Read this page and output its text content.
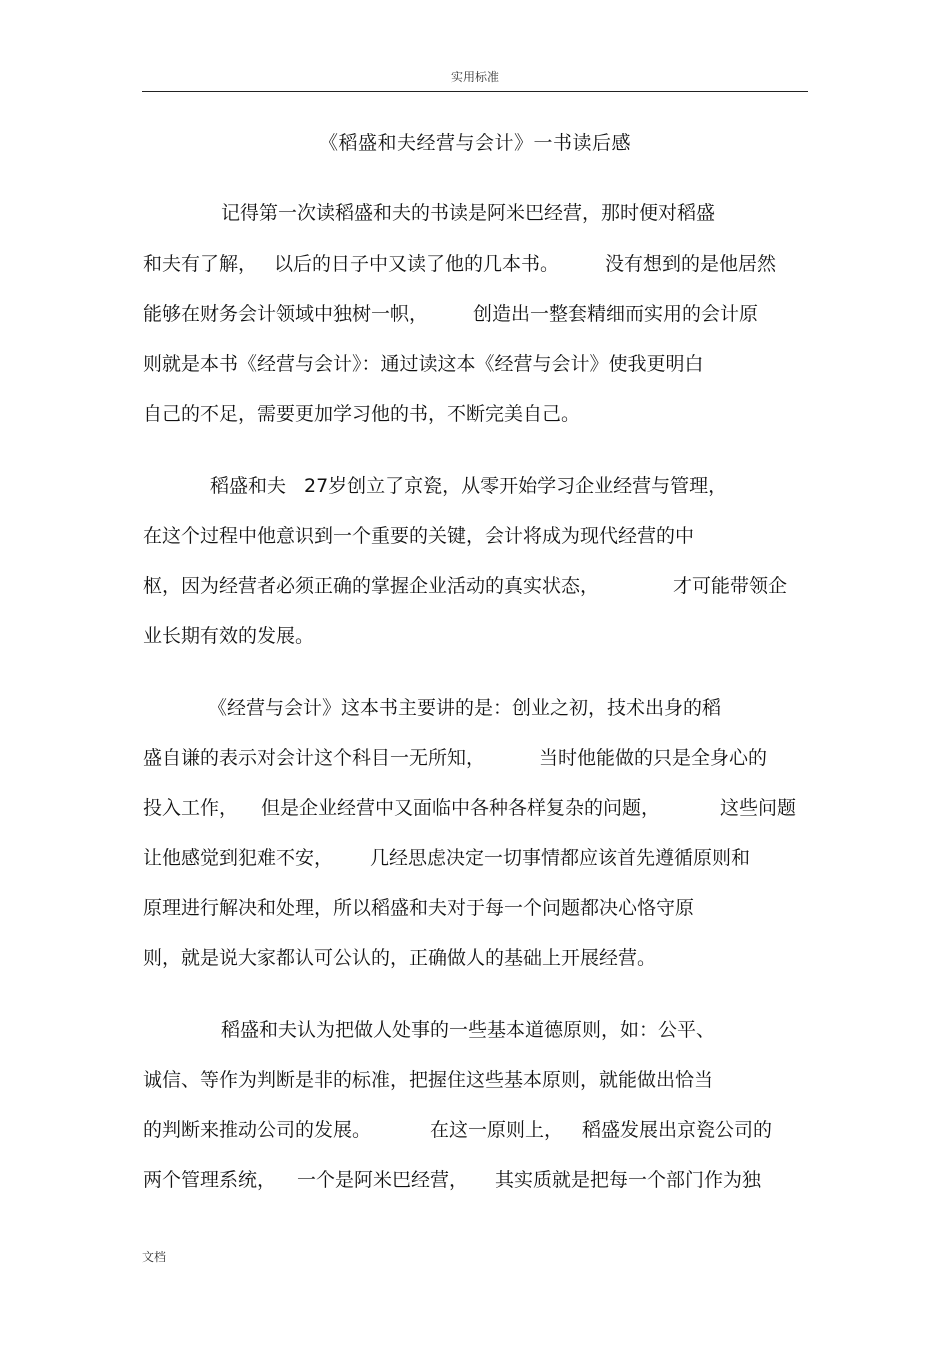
实用标准
《稻盛和夫经营与会计》一书读后感

记得第一次读稻盛和夫的书读是阿米巴经营，那时便对稻盛

和夫有了解，

以后的日子中又读了他的几本书。

没有想到的是他居然

能够在财务会计领域中独树一帜，

创造出一整套精细而实用的会计原

则就是本书《经营与会计》：通过读这本《经营与会计》使我更明白

自己的不足，需要更加学习他的书，不断完美自己。

稻盛和夫

27岁创立了京瓷，从零开始学习企业经营与管理，

在这个过程中他意识到一个重要的关键，会计将成为现代经营的中

枢，因为经营者必须正确的掌握企业活动的真实状态，

	才可能带领企

业长期有效的发展。

《经营与会计》这本书主要讲的是：创业之初，技术出身的稻

盛自谦的表示对会计这个科目一无所知，

	当时他能做的只是全身心的

投入工作，

但是企业经营中又面临中各种各样复杂的问题，

	这些问题

让他感觉到犯难不安，

几经思虑决定一切事情都应该首先遵循原则和

原理进行解决和处理，所以稻盛和夫对于每一个问题都决心恪守原

则，就是说大家都认可公认的，正确做人的基础上开展经营。

稻盛和夫认为把做人处事的一些基本道德原则，如：公平、

诚信、等作为判断是非的标准，把握住这些基本原则，就能做出恰当

的判断来推动公司的发展。

	在这一原则上，

稻盛发展出京瓷公司的

两个管理系统，

一个是阿米巴经营，

其实质就是把每一个部门作为独

文档
